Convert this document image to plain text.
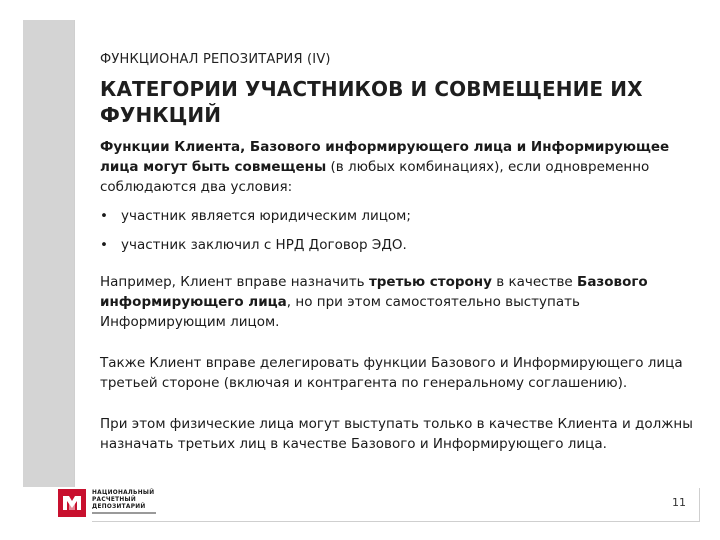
ФУНКЦИОНАЛ РЕПОЗИТАРИЯ (IV)
КАТЕГОРИИ УЧАСТНИКОВ И СОВМЕЩЕНИЕ ИХ
ФУНКЦИЙ
Функции Клиента, Базового информирующего лица и Информирующее лица могут быть совмещены (в любых комбинациях), если одновременно соблюдаются два условия:
• участник является юридическим лицом;
• участник заключил с НРД Договор ЭДО.
Например, Клиент вправе назначить третью сторону в качестве Базового информирующего лица, но при этом самостоятельно выступать Информирующим лицом.
Также Клиент вправе делегировать функции Базового и Информирующего лица третьей стороне (включая и контрагента по генеральному соглашению).
При этом физические лица могут выступать только в качестве Клиента и должны назначать третьих лиц в качестве Базового и Информирующего лица.
НАЦИОНАЛЬНЫЙ
РАСЧЕТНЫЙ
ДЕПОЗИТАРИЙ	11
